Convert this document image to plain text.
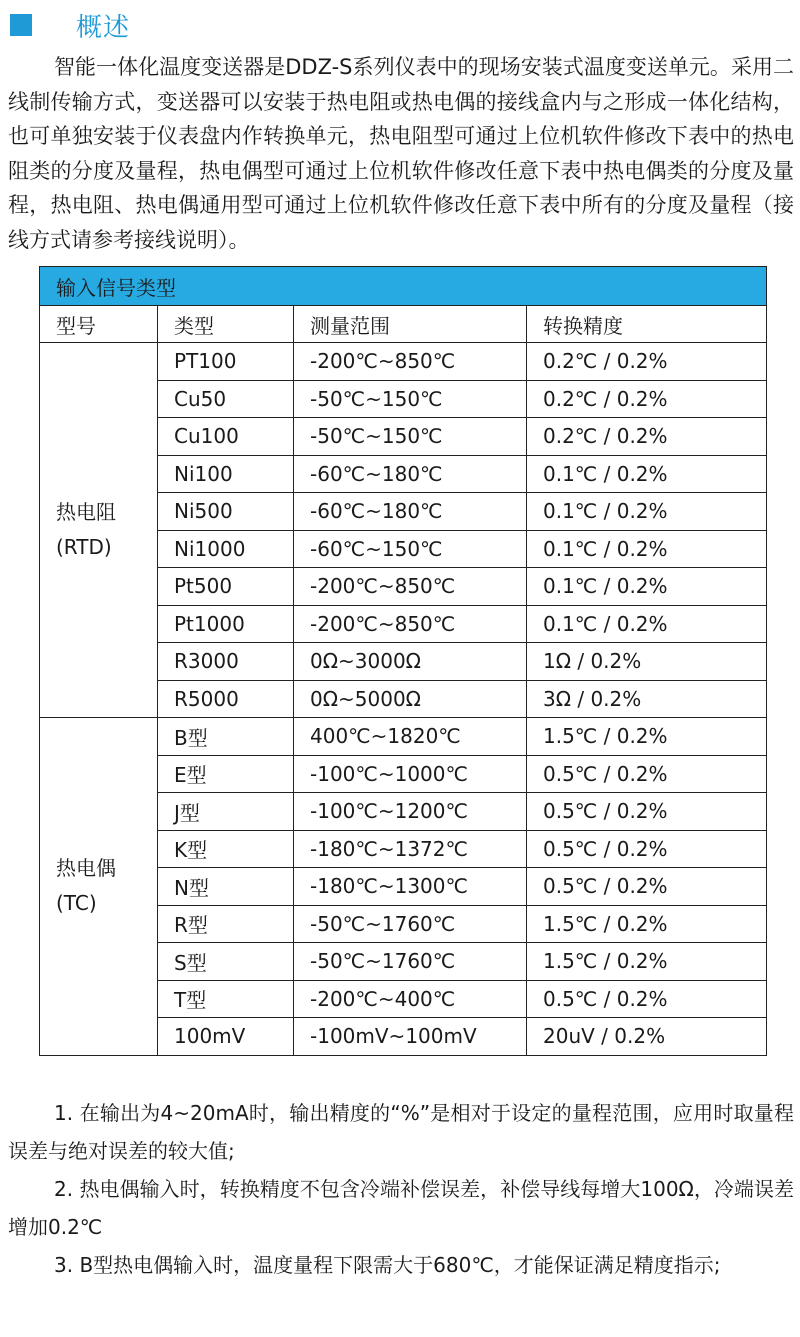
概述

智能一体化温度变送器是DDZ-S系列仪表中的现场安装式温度变送单元。采用二线制传输方式，变送器可以安装于热电阻或热电偶的接线盒内与之形成一体化结构，也可单独安装于仪表盘内作转换单元，热电阻型可通过上位机软件修改下表中的热电阻类的分度及量程，热电偶型可通过上位机软件修改任意下表中热电偶类的分度及量程，热电阻、热电偶通用型可通过上位机软件修改任意下表中所有的分度及量程（接线方式请参考接线说明）。

输入信号类型			
型号	类型	测量范围	转换精度

热电阻
(RTD)	PT100	-200℃~850℃	0.2℃ / 0.2%
	Cu50	-50℃~150℃	0.2℃ / 0.2%
	Cu100	-50℃~150℃	0.2℃ / 0.2%
	Ni100	-60℃~180℃	0.1℃ / 0.2%
	Ni500	-60℃~180℃	0.1℃ / 0.2%
	Ni1000	-60℃~150℃	0.1℃ / 0.2%
	Pt500	-200℃~850℃	0.1℃ / 0.2%
	Pt1000	-200℃~850℃	0.1℃ / 0.2%
	R3000	0Ω~3000Ω	1Ω / 0.2%
	R5000	0Ω~5000Ω	3Ω / 0.2%

热电偶
(TC)	B型	400℃~1820℃	1.5℃ / 0.2%
	E型	-100℃~1000℃	0.5℃ / 0.2%
	J型	-100℃~1200℃	0.5℃ / 0.2%
	K型	-180℃~1372℃	0.5℃ / 0.2%
	N型	-180℃~1300℃	0.5℃ / 0.2%
	R型	-50℃~1760℃	1.5℃ / 0.2%
	S型	-50℃~1760℃	1.5℃ / 0.2%
	T型	-200℃~400℃	0.5℃ / 0.2%
	100mV	-100mV~100mV	20uV / 0.2%

1. 在输出为4~20mA时，输出精度的“%”是相对于设定的量程范围，应用时取量程误差与绝对误差的较大值;

2. 热电偶输入时，转换精度不包含冷端补偿误差，补偿导线每增大100Ω，冷端误差增加0.2℃

3. B型热电偶输入时，温度量程下限需大于680℃，才能保证满足精度指示;
